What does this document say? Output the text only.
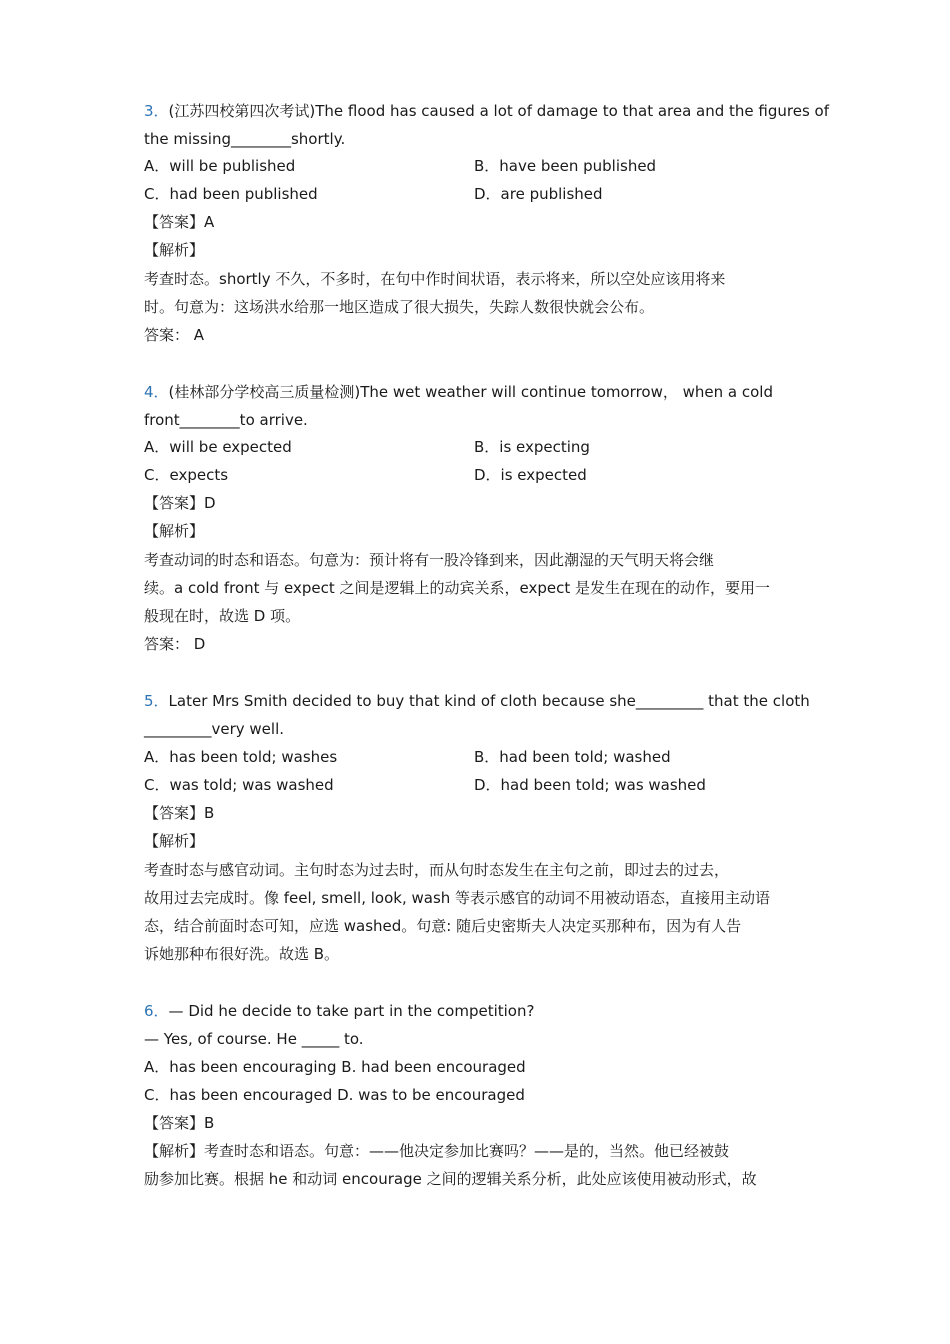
3．(江苏四校第四次考试)The flood has caused a lot of damage to that area and the figures of
the missing________shortly.
A．will be published	B．have been published
C．had been published	D．are published
【答案】A
【解析】
考查时态。shortly 不久，不多时，在句中作时间状语，表示将来，所以空处应该用将来
时。句意为：这场洪水给那一地区造成了很大损失，失踪人数很快就会公布。
答案： A
4．(桂林部分学校高三质量检测)The wet weather will continue tomorrow， when a cold
front________to arrive.
A．will be expected	B．is expecting
C．expects	D．is expected
【答案】D
【解析】
考查动词的时态和语态。句意为：预计将有一股冷锋到来，因此潮湿的天气明天将会继
续。a cold front 与 expect 之间是逻辑上的动宾关系，expect 是发生在现在的动作，要用一
般现在时，故选 D 项。
答案： D
5．Later Mrs Smith decided to buy that kind of cloth because she_________ that the cloth
_________very well.
A．has been told; washes	B．had been told; washed
C．was told; was washed	D．had been told; was washed
【答案】B
【解析】
考查时态与感官动词。主句时态为过去时，而从句时态发生在主句之前，即过去的过去，
故用过去完成时。像 feel, smell, look, wash 等表示感官的动词不用被动语态，直接用主动语
态，结合前面时态可知，应选 washed。句意: 随后史密斯夫人决定买那种布，因为有人告
诉她那种布很好洗。故选 B。
6．— Did he decide to take part in the competition?
— Yes, of course. He _____ to.
A．has been encouraging B. had been encouraged
C．has been encouraged D. was to be encouraged
【答案】B
【解析】考查时态和语态。句意：——他决定参加比赛吗？——是的，当然。他已经被鼓
励参加比赛。根据 he 和动词 encourage 之间的逻辑关系分析，此处应该使用被动形式，故
